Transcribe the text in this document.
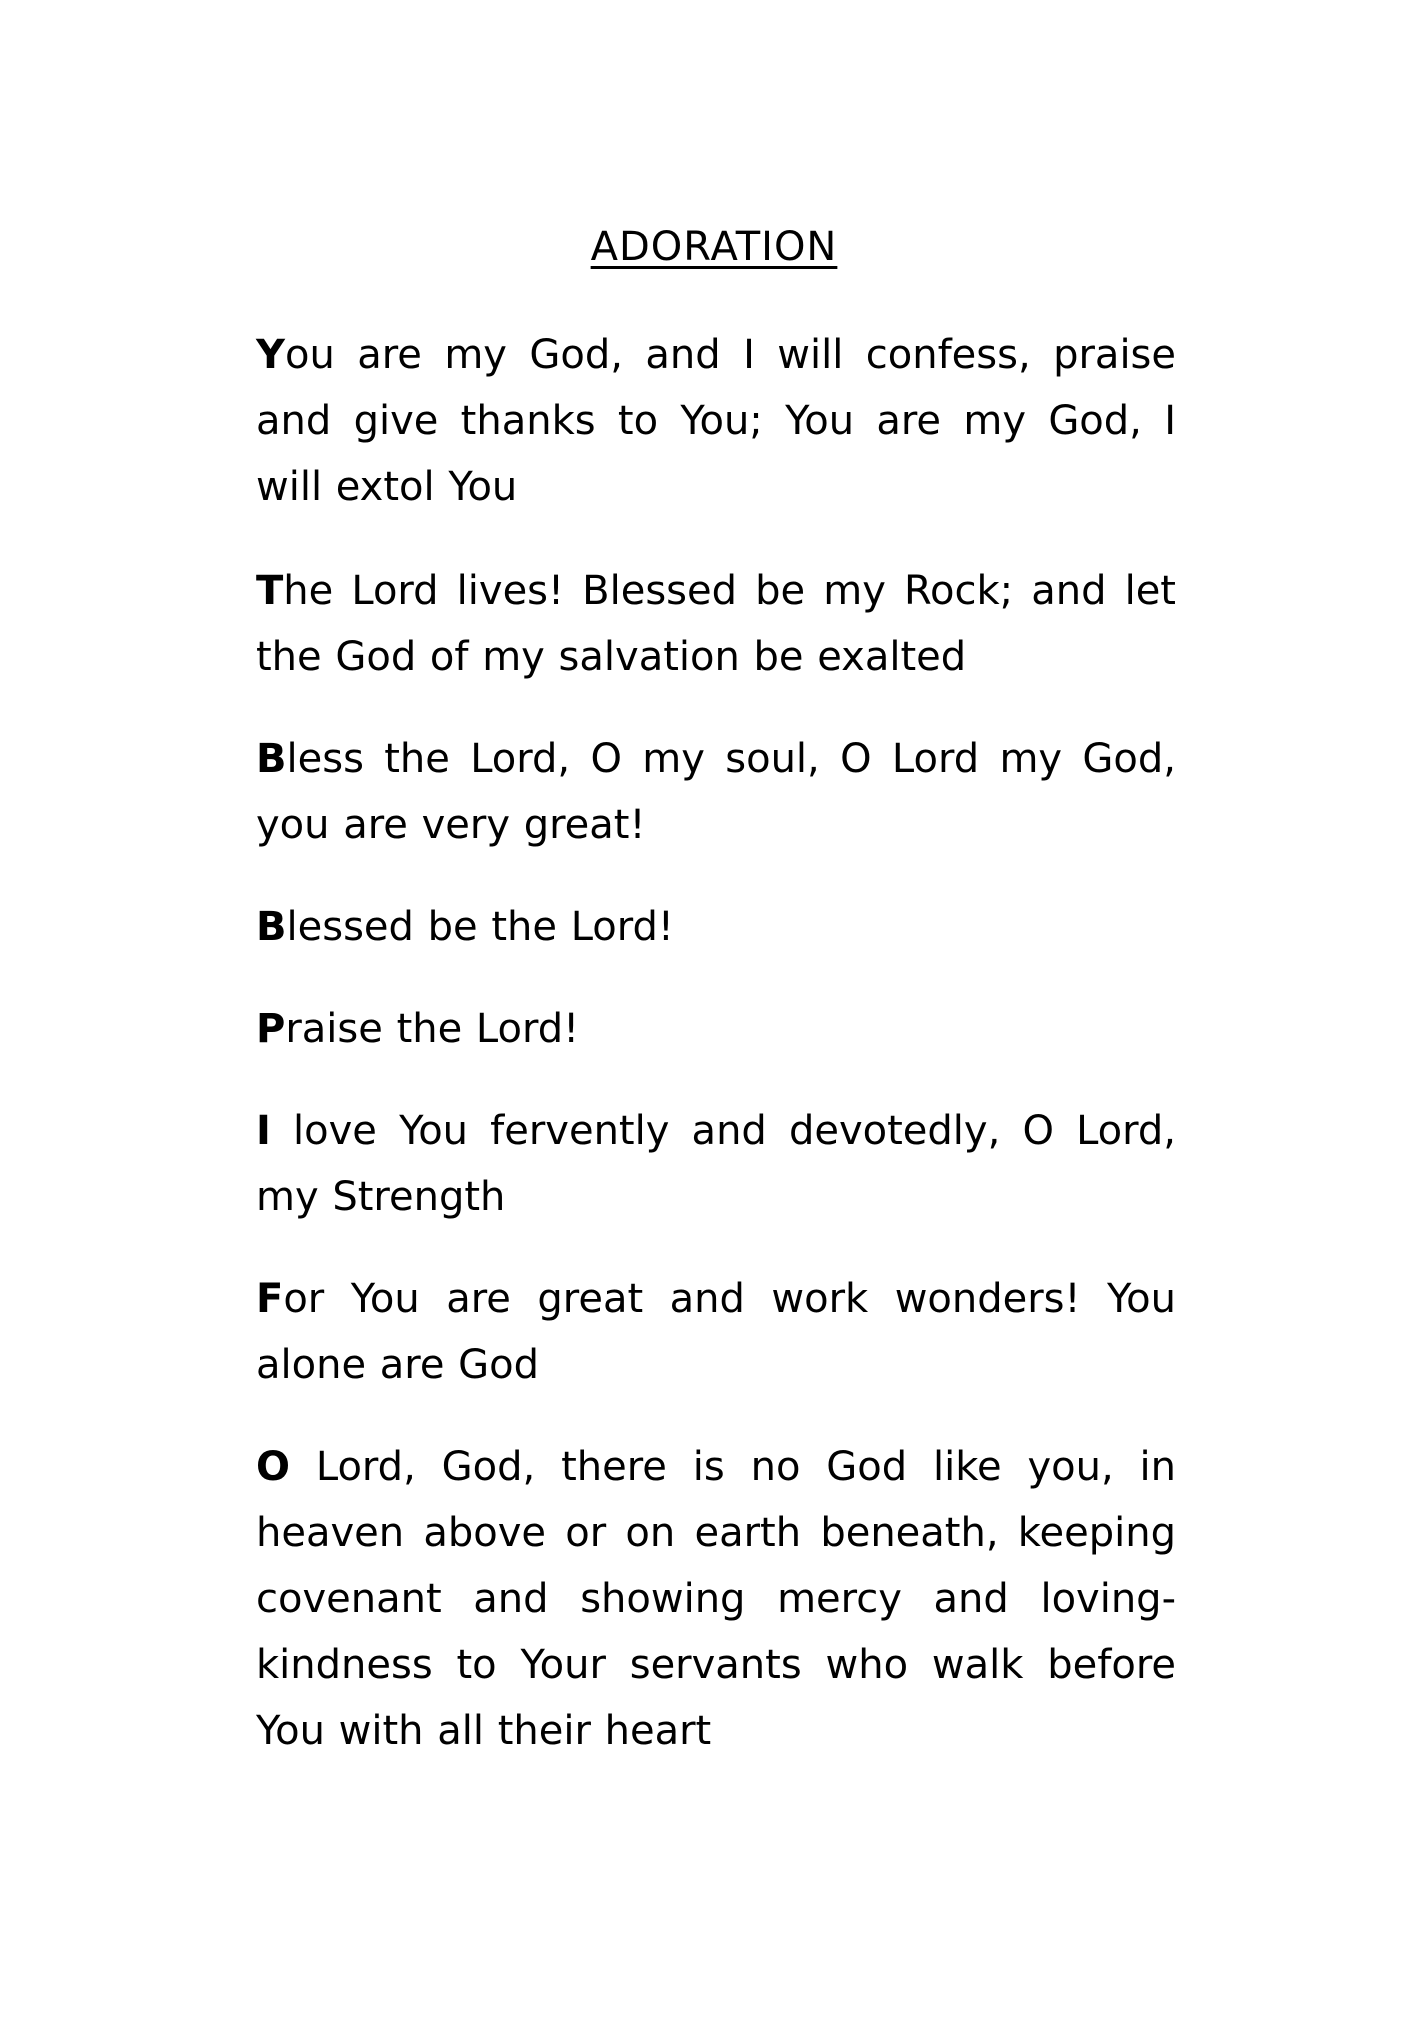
ADORATION

You are my God, and I will confess, praise and give thanks to You; You are my God, I will extol You

The Lord lives! Blessed be my Rock; and let the God of my salvation be exalted

Bless the Lord, O my soul, O Lord my God, you are very great!

Blessed be the Lord!

Praise the Lord!

I love You fervently and devotedly, O Lord, my Strength

For You are great and work wonders! You alone are God

O Lord, God, there is no God like you, in heaven above or on earth beneath, keeping covenant and showing mercy and loving-kindness to Your servants who walk before You with all their heart
